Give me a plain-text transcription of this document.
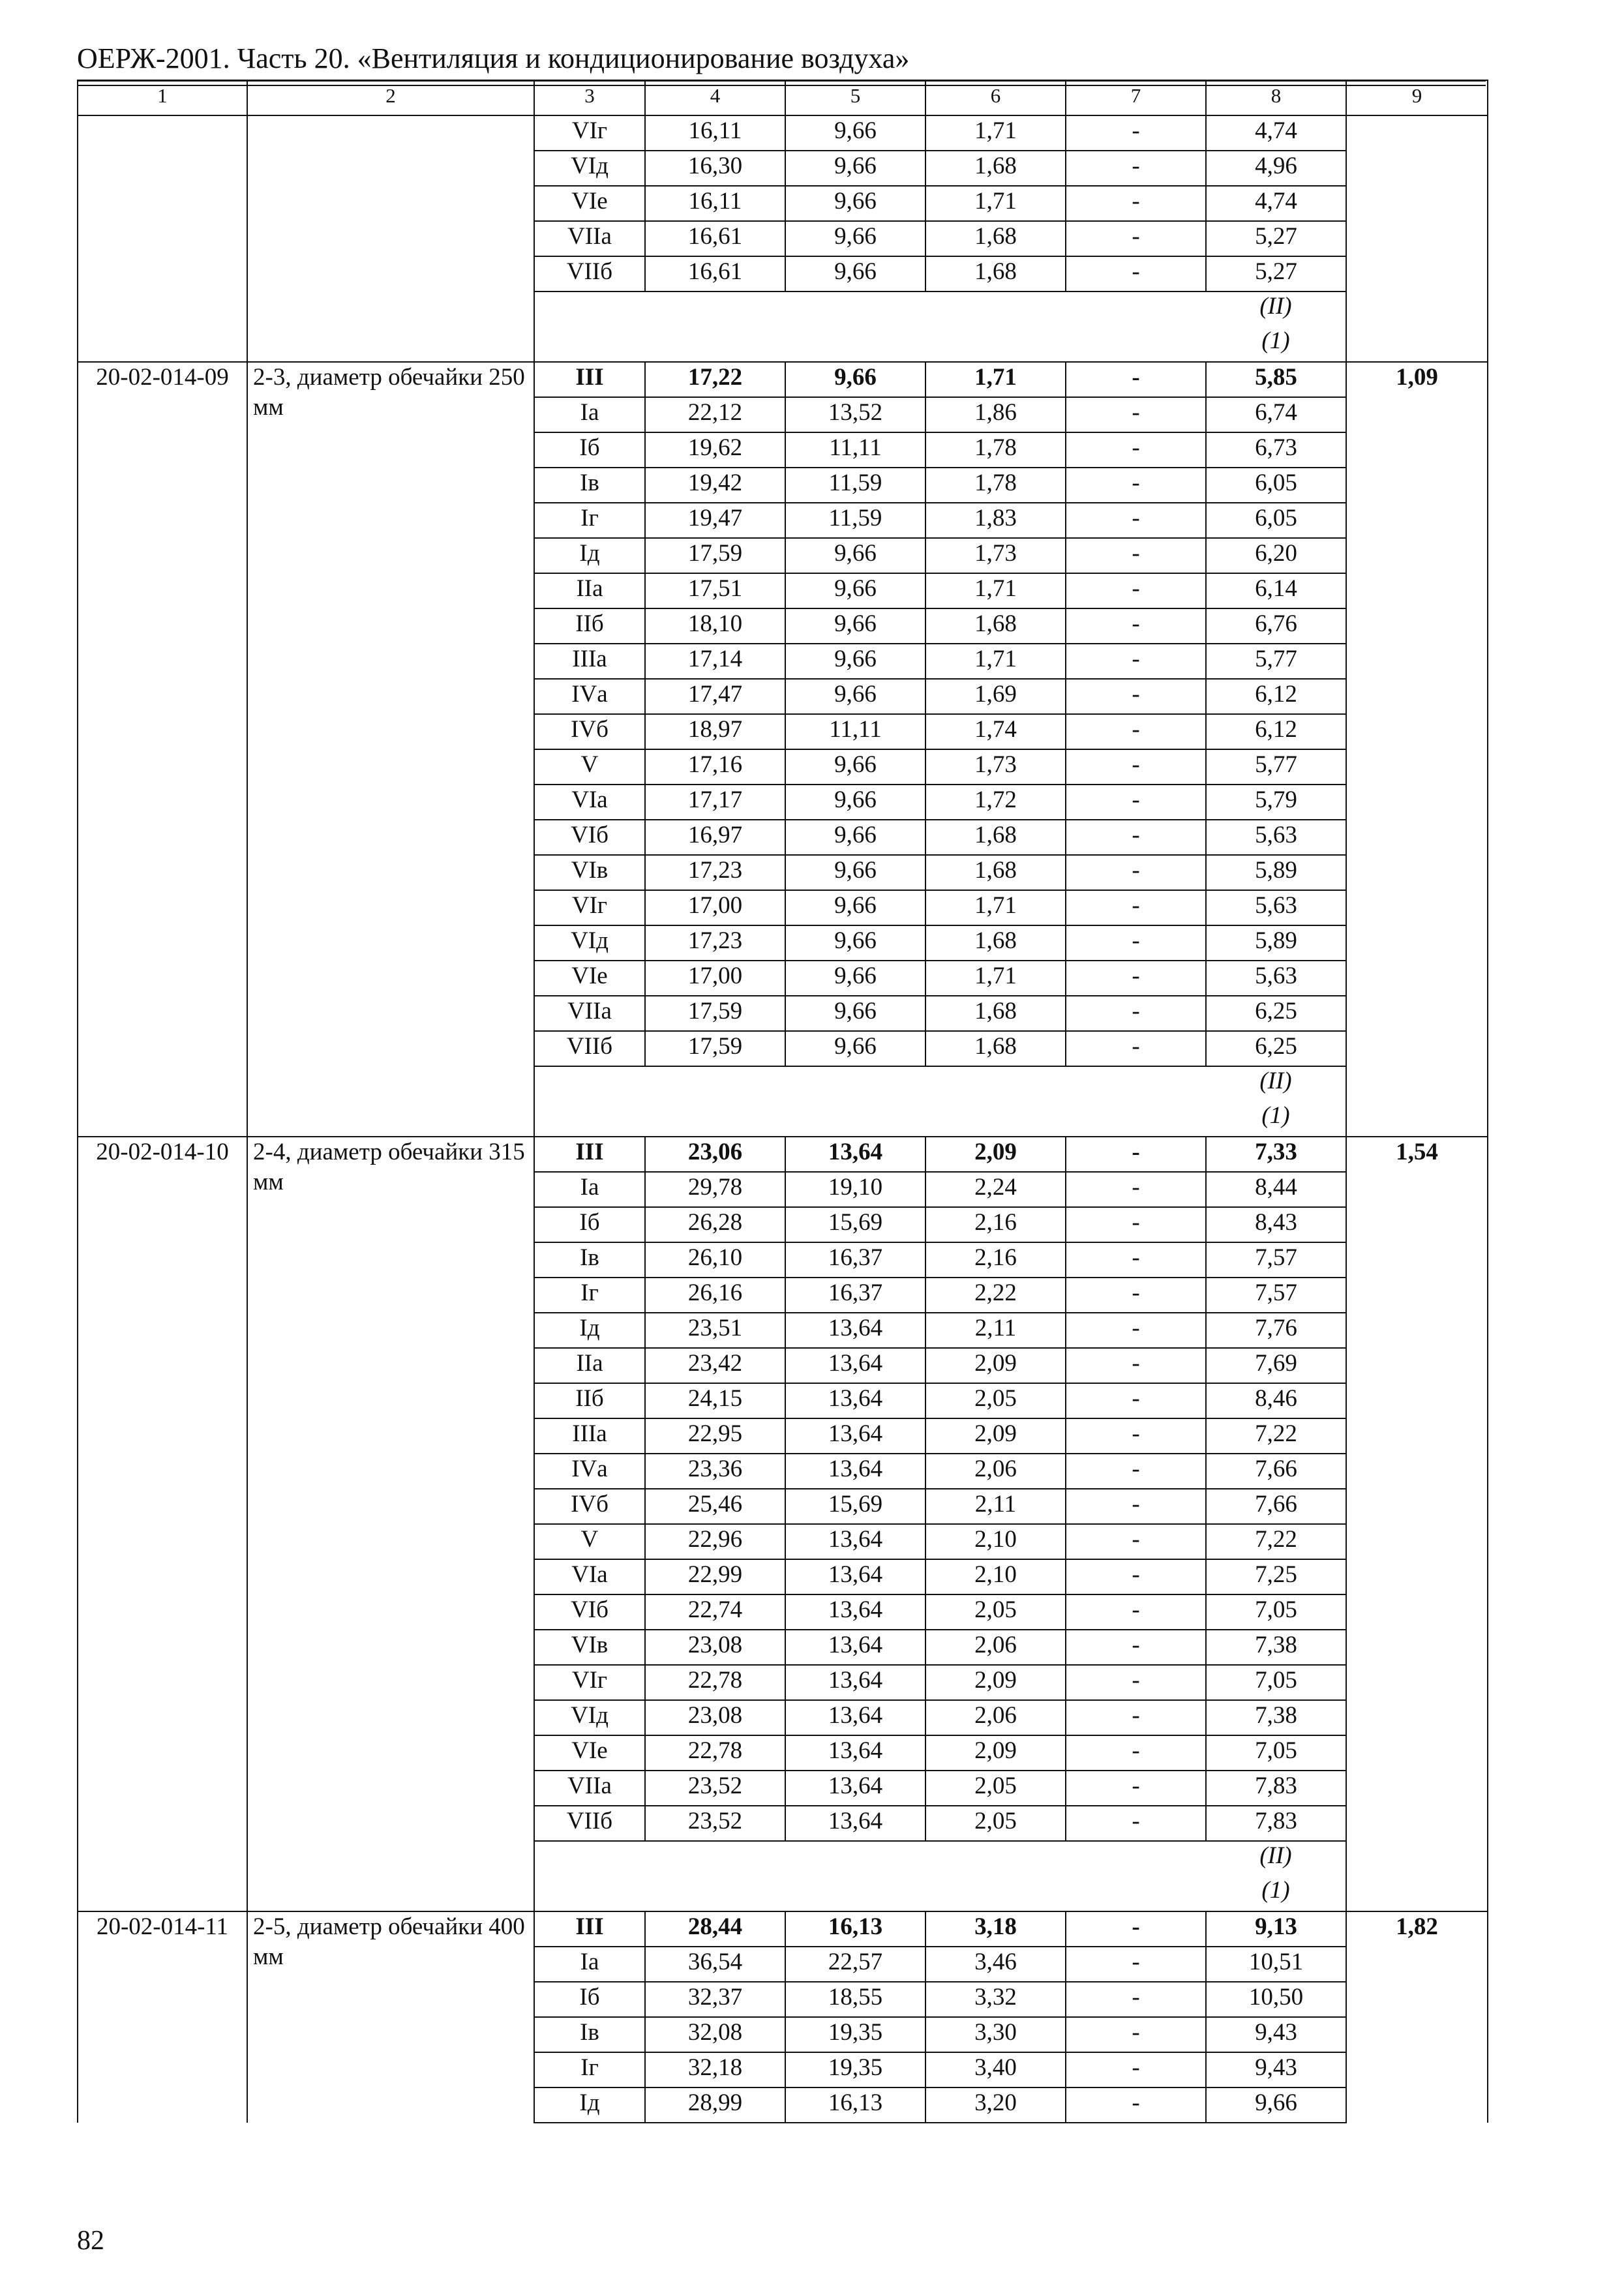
ОЕРЖ-2001. Часть 20. «Вентиляция и кондиционирование воздуха»
1	2	3	4	5	6	7	8	9
		VIг	16,11	9,66	1,71	-	4,74	
		VIд	16,30	9,66	1,68	-	4,96	
		VIе	16,11	9,66	1,71	-	4,74	
		VIIа	16,61	9,66	1,68	-	5,27	
		VIIб	16,61	9,66	1,68	-	5,27	
							(II)	
							(1)	
20-02-014-09	2-3, диаметр обечайки 250 мм	III	17,22	9,66	1,71	-	5,85	1,09
		Iа	22,12	13,52	1,86	-	6,74	
		Iб	19,62	11,11	1,78	-	6,73	
		Iв	19,42	11,59	1,78	-	6,05	
		Iг	19,47	11,59	1,83	-	6,05	
		Iд	17,59	9,66	1,73	-	6,20	
		IIа	17,51	9,66	1,71	-	6,14	
		IIб	18,10	9,66	1,68	-	6,76	
		IIIа	17,14	9,66	1,71	-	5,77	
		IVа	17,47	9,66	1,69	-	6,12	
		IVб	18,97	11,11	1,74	-	6,12	
		V	17,16	9,66	1,73	-	5,77	
		VIа	17,17	9,66	1,72	-	5,79	
		VIб	16,97	9,66	1,68	-	5,63	
		VIв	17,23	9,66	1,68	-	5,89	
		VIг	17,00	9,66	1,71	-	5,63	
		VIд	17,23	9,66	1,68	-	5,89	
		VIе	17,00	9,66	1,71	-	5,63	
		VIIа	17,59	9,66	1,68	-	6,25	
		VIIб	17,59	9,66	1,68	-	6,25	
							(II)	
							(1)	
20-02-014-10	2-4, диаметр обечайки 315 мм	III	23,06	13,64	2,09	-	7,33	1,54
		Iа	29,78	19,10	2,24	-	8,44	
		Iб	26,28	15,69	2,16	-	8,43	
		Iв	26,10	16,37	2,16	-	7,57	
		Iг	26,16	16,37	2,22	-	7,57	
		Iд	23,51	13,64	2,11	-	7,76	
		IIа	23,42	13,64	2,09	-	7,69	
		IIб	24,15	13,64	2,05	-	8,46	
		IIIа	22,95	13,64	2,09	-	7,22	
		IVа	23,36	13,64	2,06	-	7,66	
		IVб	25,46	15,69	2,11	-	7,66	
		V	22,96	13,64	2,10	-	7,22	
		VIа	22,99	13,64	2,10	-	7,25	
		VIб	22,74	13,64	2,05	-	7,05	
		VIв	23,08	13,64	2,06	-	7,38	
		VIг	22,78	13,64	2,09	-	7,05	
		VIд	23,08	13,64	2,06	-	7,38	
		VIе	22,78	13,64	2,09	-	7,05	
		VIIа	23,52	13,64	2,05	-	7,83	
		VIIб	23,52	13,64	2,05	-	7,83	
							(II)	
							(1)	
20-02-014-11	2-5, диаметр обечайки 400 мм	III	28,44	16,13	3,18	-	9,13	1,82
		Iа	36,54	22,57	3,46	-	10,51	
		Iб	32,37	18,55	3,32	-	10,50	
		Iв	32,08	19,35	3,30	-	9,43	
		Iг	32,18	19,35	3,40	-	9,43	
		Iд	28,99	16,13	3,20	-	9,66	
82
